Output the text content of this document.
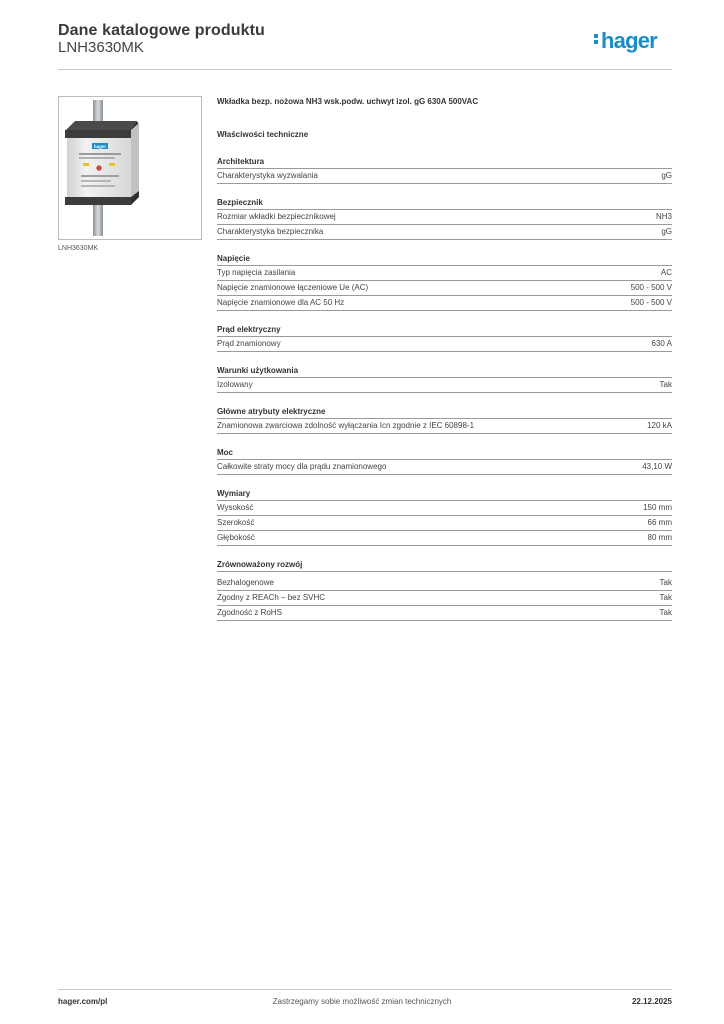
Dane katalogowe produktu
LNH3630MK	hager
hager
LNH3630MK
Wkładka bezp. nożowa NH3 wsk.podw. uchwyt izol. gG 630A 500VAC
Właściwości techniczne
Architektura
Charakterystyka wyzwalania	gG
Bezpiecznik
Rozmiar wkładki bezpiecznikowej	NH3
Charakterystyka bezpiecznika	gG
Napięcie
Typ napięcia zasilania	AC
Napięcie znamionowe łączeniowe Ue (AC)	500 - 500 V
Napięcie znamionowe dla AC 50 Hz	500 - 500 V
Prąd elektryczny
Prąd znamionowy	630 A
Warunki użytkowania
Izolowany	Tak
Główne atrybuty elektryczne
Znamionowa zwarciowa zdolność wyłączania Icn zgodnie z IEC 60898-1	120 kA
Moc
Całkowite straty mocy dla prądu znamionowego	43,10 W
Wymiary
Wysokość	150 mm
Szerokość	66 mm
Głębokość	80 mm
Zrównoważony rozwój
Bezhalogenowe	Tak
Zgodny z REACh – bez SVHC	Tak
Zgodność z RoHS	Tak
hager.com/pl	Zastrzegamy sobie możliwość zmian technicznych	22.12.2025
